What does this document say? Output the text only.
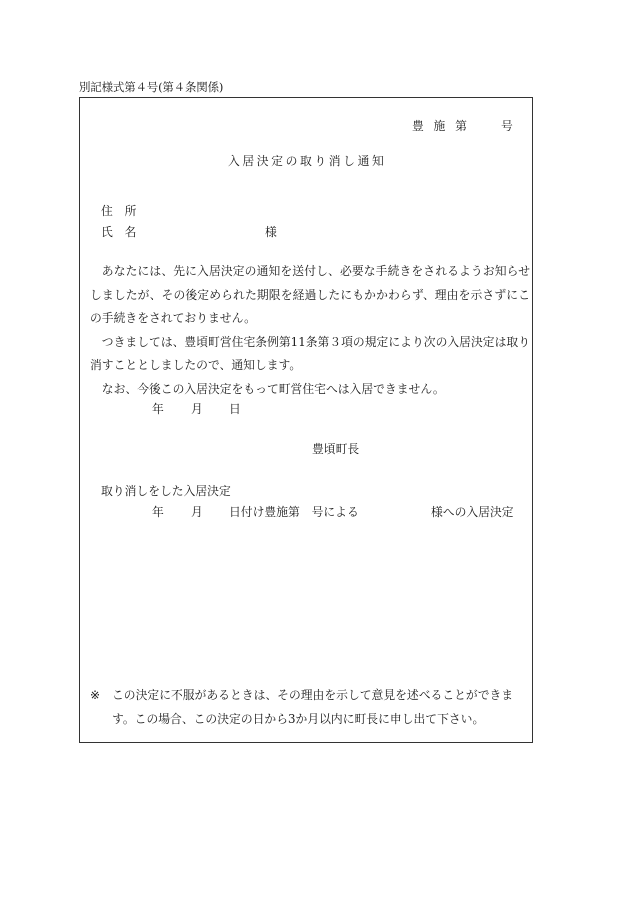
別記様式第４号(第４条関係)
豊 施 第	号
入居決定の取り消し通知
住　所
氏　名	様

あなたには、先に入居決定の通知を送付し、必要な手続きをされるようお知らせしましたが、その後定められた期限を経過したにもかかわらず、理由を示さずにこの手続きをされておりません。

つきましては、豊頃町営住宅条例第11条第３項の規定により次の入居決定は取り消すこととしましたので、通知します。

なお、今後この入居決定をもって町営住宅へは入居できません。

年 月 日
豊頃町長
取り消しをした入居決定
年 月 日付け豊施第　号による	様への入居決定
※ この決定に不服があるときは、その理由を示して意見を述べることができます。この場合、この決定の日から3か月以内に町長に申し出て下さい。
